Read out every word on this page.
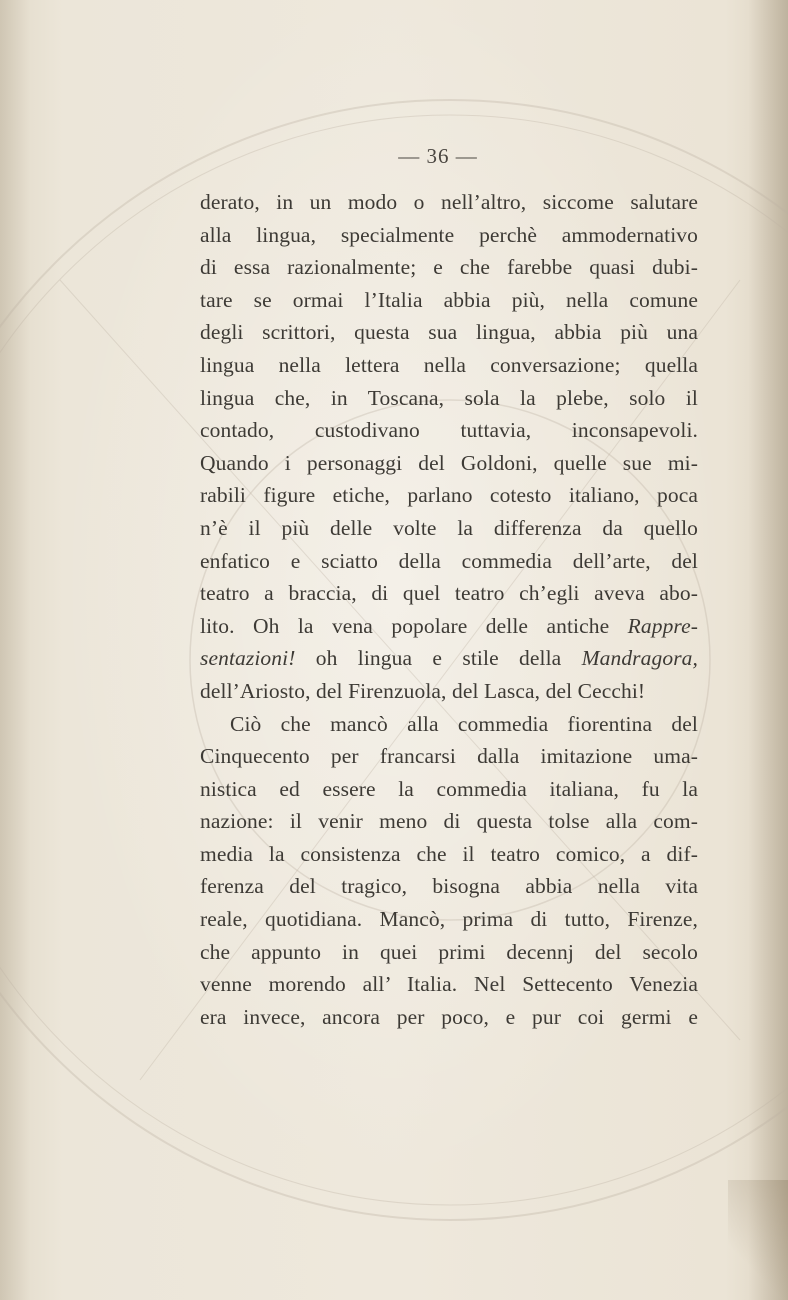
— 36 —
derato, in un modo o nell’altro, siccome salutare
alla lingua, specialmente perchè ammodernativo
di essa razionalmente; e che farebbe quasi dubi-
tare se ormai l’Italia abbia più, nella comune
degli scrittori, questa sua lingua, abbia più una
lingua nella lettera nella conversazione; quella
lingua che, in Toscana, sola la plebe, solo il
contado, custodivano tuttavia, inconsapevoli.
Quando i personaggi del Goldoni, quelle sue mi-
rabili figure etiche, parlano cotesto italiano, poca
n’è il più delle volte la differenza da quello
enfatico e sciatto della commedia dell’arte, del
teatro a braccia, di quel teatro ch’egli aveva abo-
lito. Oh la vena popolare delle antiche Rappre-
sentazioni! oh lingua e stile della Mandragora,
dell’Ariosto, del Firenzuola, del Lasca, del Cecchi!
Ciò che mancò alla commedia fiorentina del
Cinquecento per francarsi dalla imitazione uma-
nistica ed essere la commedia italiana, fu la
nazione: il venir meno di questa tolse alla com-
media la consistenza che il teatro comico, a dif-
ferenza del tragico, bisogna abbia nella vita
reale, quotidiana. Mancò, prima di tutto, Firenze,
che appunto in quei primi decennj del secolo
venne morendo all’ Italia. Nel Settecento Venezia
era invece, ancora per poco, e pur coi germi e
